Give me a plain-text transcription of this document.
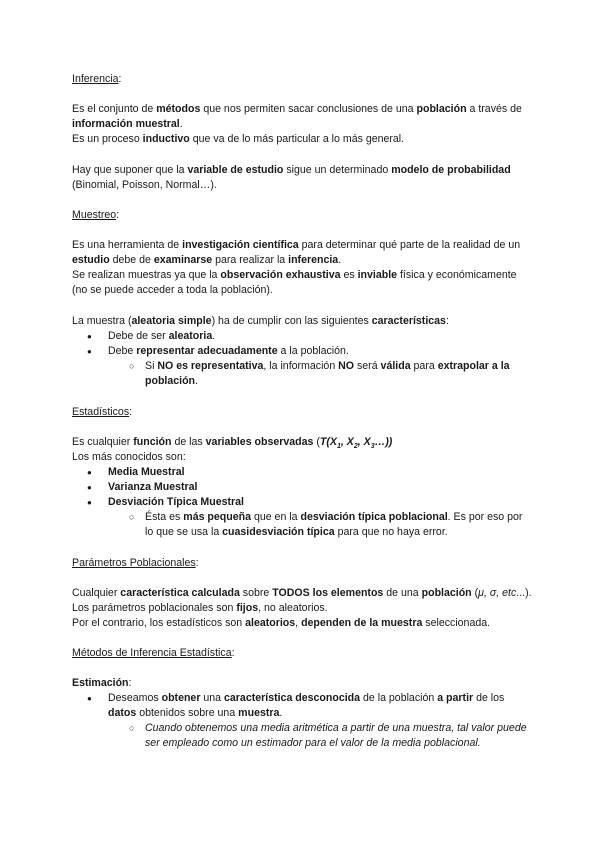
Inferencia:
Es el conjunto de métodos que nos permiten sacar conclusiones de una población a través de información muestral.
Es un proceso inductivo que va de lo más particular a lo más general.
Hay que suponer que la variable de estudio sigue un determinado modelo de probabilidad (Binomial, Poisson, Normal…).
Muestreo:
Es una herramienta de investigación científica para determinar qué parte de la realidad de un estudio debe de examinarse para realizar la inferencia.
Se realizan muestras ya que la observación exhaustiva es inviable física y económicamente (no se puede acceder a toda la población).
La muestra (aleatoria simple) ha de cumplir con las siguientes características:
● Debe de ser aleatoria.
● Debe representar adecuadamente a la población.
○ Si NO es representativa, la información NO será válida para extrapolar a la población.
Estadísticos:
Es cualquier función de las variables observadas ($T(X_1$, $X_2$, $X_3\dots$))
Los más conocidos son:
● Media Muestral
● Varianza Muestral
● Desviación Típica Muestral
○ Ésta es más pequeña que en la desviación típica poblacional. Es por eso por lo que se usa la cuasidesviación típica para que no haya error.
Parámetros Poblacionales:
Cualquier característica calculada sobre TODOS los elementos de una población (μ, σ, etc...). Los parámetros poblacionales son fijos, no aleatorios.
Por el contrario, los estadísticos son aleatorios, dependen de la muestra seleccionada.
Métodos de Inferencia Estadística:
Estimación:
● Deseamos obtener una característica desconocida de la población a partir de los datos obtenidos sobre una muestra.
○ Cuando obtenemos una media aritmética a partir de una muestra, tal valor puede ser empleado como un estimador para el valor de la media poblacional.
